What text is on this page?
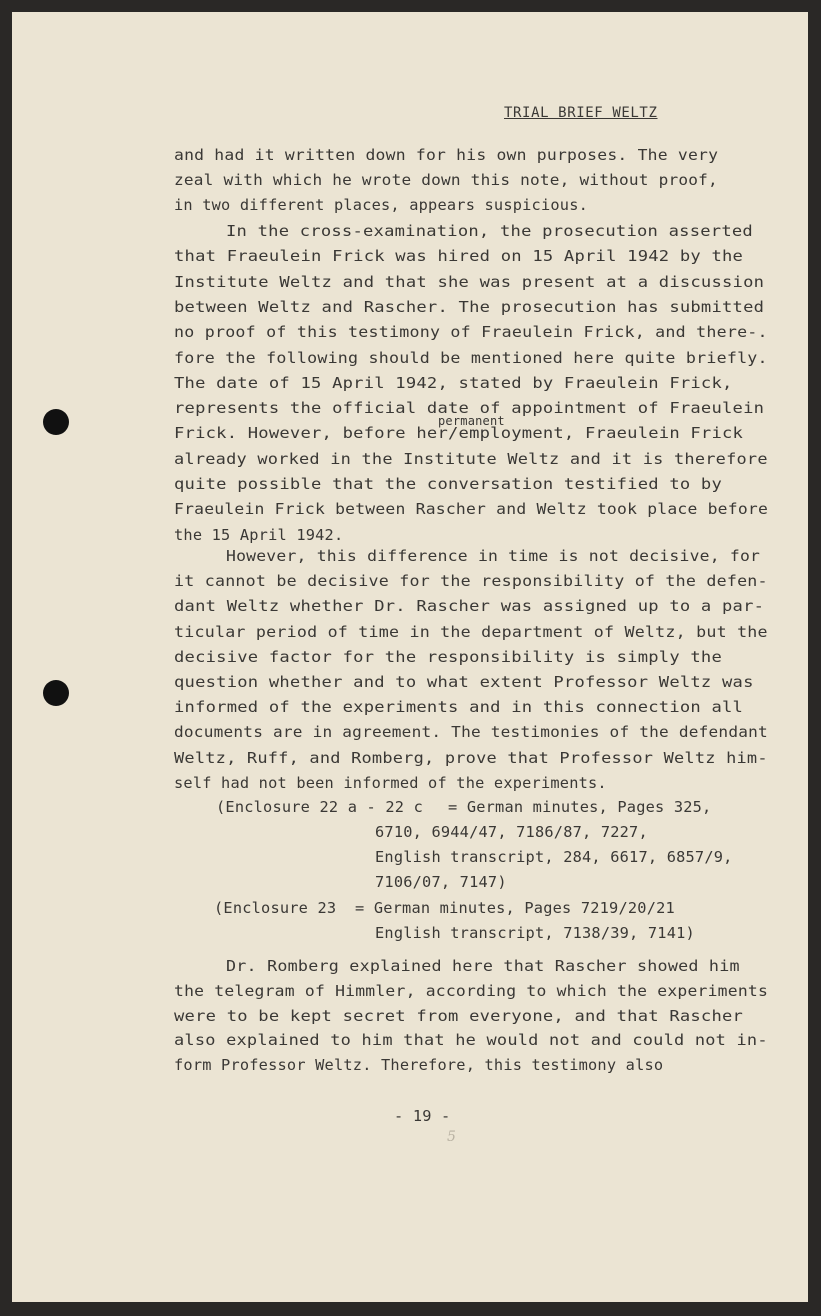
TRIAL BRIEF WELTZ
and had it written down for his own purposes. The very
zeal with which he wrote down this note, without proof,
in two different places, appears suspicious.
In the cross-examination, the prosecution asserted
that Fraeulein Frick was hired on 15 April 1942 by the
Institute Weltz and that she was present at a discussion
between Weltz and Rascher. The prosecution has submitted
no proof of this testimony of Fraeulein Frick, and there-.
fore the following should be mentioned here quite briefly.
The date of 15 April 1942, stated by Fraeulein Frick,
represents the official date of appointment of Fraeulein
Frick. However, before her/employment, Fraeulein Frick
already worked in the Institute Weltz and it is therefore
quite possible that the conversation testified to by
Fraeulein Frick between Rascher and Weltz took place before
the 15 April 1942.
However, this difference in time is not decisive, for
it cannot be decisive for the responsibility of the defen-
dant Weltz whether Dr. Rascher was assigned up to a par-
ticular period of time in the department of Weltz, but the
decisive factor for the responsibility is simply the
question whether and to what extent Professor Weltz was
informed of the experiments and in this connection all
documents are in agreement. The testimonies of the defendant
Weltz, Ruff, and Romberg, prove that Professor Weltz him-
self had not been informed of the experiments.
(Enclosure 22 a - 22 c = German minutes, Pages 325,
6710, 6944/47, 7186/87, 7227,
English transcript, 284, 6617, 6857/9,
7106/07, 7147)
(Enclosure 23 = German minutes, Pages 7219/20/21
English transcript, 7138/39, 7141)
Dr. Romberg explained here that Rascher showed him
the telegram of Himmler, according to which the experiments
were to be kept secret from everyone, and that Rascher
also explained to him that he would not and could not in-
form Professor Weltz. Therefore, this testimony also
permanent
- 19 -
5
